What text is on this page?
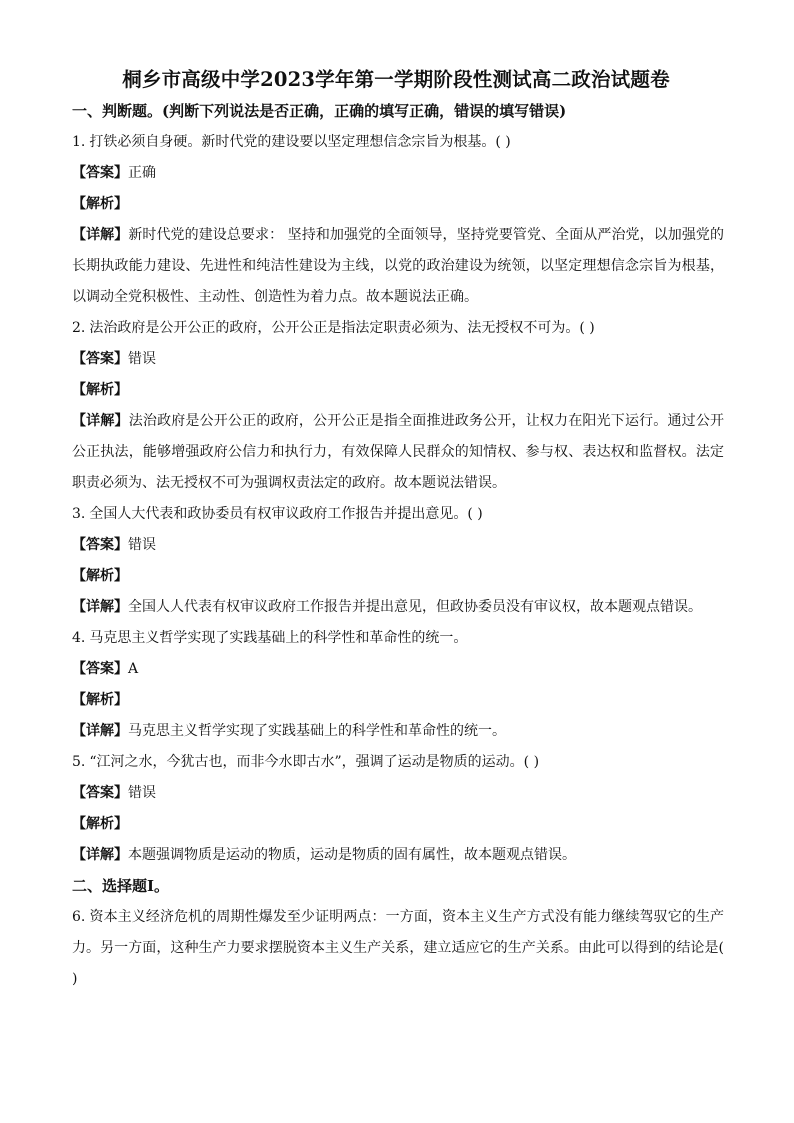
桐乡市高级中学2023学年第一学期阶段性测试高二政治试题卷
一、判断题。(判断下列说法是否正确，正确的填写正确，错误的填写错误)
1. 打铁必须自身硬。新时代党的建设要以坚定理想信念宗旨为根基。( )
【答案】正确
【解析】
【详解】新时代党的建设总要求： 坚持和加强党的全面领导，坚持党要管党、全面从严治党，以加强党的长期执政能力建设、先进性和纯洁性建设为主线，以党的政治建设为统领，以坚定理想信念宗旨为根基，以调动全党积极性、主动性、创造性为着力点。故本题说法正确。
2. 法治政府是公开公正的政府，公开公正是指法定职责必须为、法无授权不可为。( )
【答案】错误
【解析】
【详解】法治政府是公开公正的政府，公开公正是指全面推进政务公开，让权力在阳光下运行。通过公开公正执法，能够增强政府公信力和执行力，有效保障人民群众的知情权、参与权、表达权和监督权。法定职责必须为、法无授权不可为强调权责法定的政府。故本题说法错误。
3. 全国人大代表和政协委员有权审议政府工作报告并提出意见。( )
【答案】错误
【解析】
【详解】全国人人代表有权审议政府工作报告并提出意见，但政协委员没有审议权，故本题观点错误。
4. 马克思主义哲学实现了实践基础上的科学性和革命性的统一。
【答案】A
【解析】
【详解】马克思主义哲学实现了实践基础上的科学性和革命性的统一。
5. “江河之水，今犹古也，而非今水即古水”，强调了运动是物质的运动。( )
【答案】错误
【解析】
【详解】本题强调物质是运动的物质，运动是物质的固有属性，故本题观点错误。
二、选择题Ⅰ。
6. 资本主义经济危机的周期性爆发至少证明两点：一方面，资本主义生产方式没有能力继续驾驭它的生产力。另一方面，这种生产力要求摆脱资本主义生产关系，建立适应它的生产关系。由此可以得到的结论是( )
